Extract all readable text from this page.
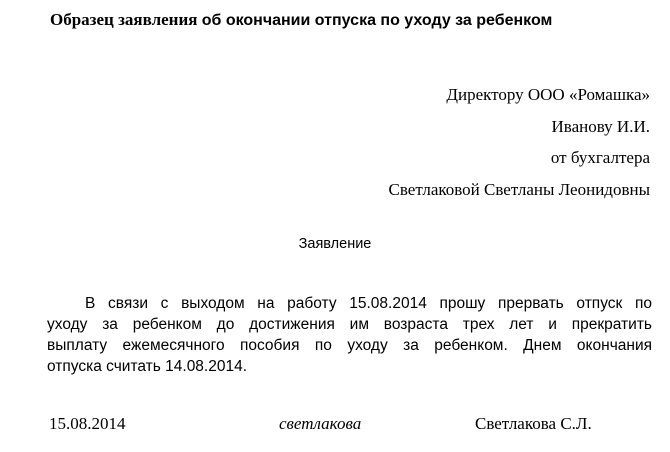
Образец заявления об окончании отпуска по уходу за ребенком
Директору ООО «Ромашка»
Иванову И.И.
от бухгалтера
Светлаковой Светланы Леонидовны
Заявление
В связи с выходом на работу 15.08.2014 прошу прервать отпуск по
уходу за ребенком до достижения им возраста трех лет и прекратить
выплату ежемесячного пособия по уходу за ребенком. Днем окончания
отпуска считать 14.08.2014.
15.08.2014	светлакова	Светлакова С.Л.
